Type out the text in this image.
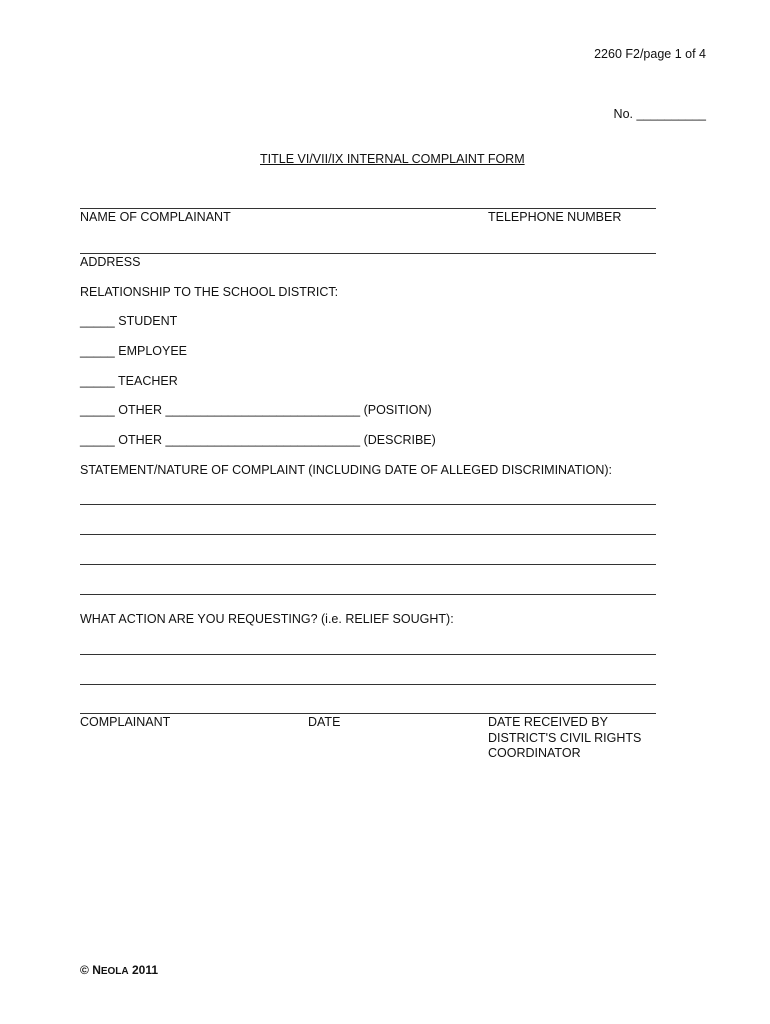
2260 F2/page 1 of 4
No. __________
TITLE VI/VII/IX INTERNAL COMPLAINT FORM
NAME OF COMPLAINANT	TELEPHONE NUMBER
ADDRESS
RELATIONSHIP TO THE SCHOOL DISTRICT:
_____ STUDENT
_____ EMPLOYEE
_____ TEACHER
_____ OTHER ____________________________ (POSITION)
_____ OTHER ____________________________ (DESCRIBE)
STATEMENT/NATURE OF COMPLAINT (INCLUDING DATE OF ALLEGED DISCRIMINATION):
WHAT ACTION ARE YOU REQUESTING? (i.e. RELIEF SOUGHT):
COMPLAINANT	DATE	DATE RECEIVED BY
DISTRICT'S CIVIL RIGHTS
COORDINATOR
© NEOLA 2011
